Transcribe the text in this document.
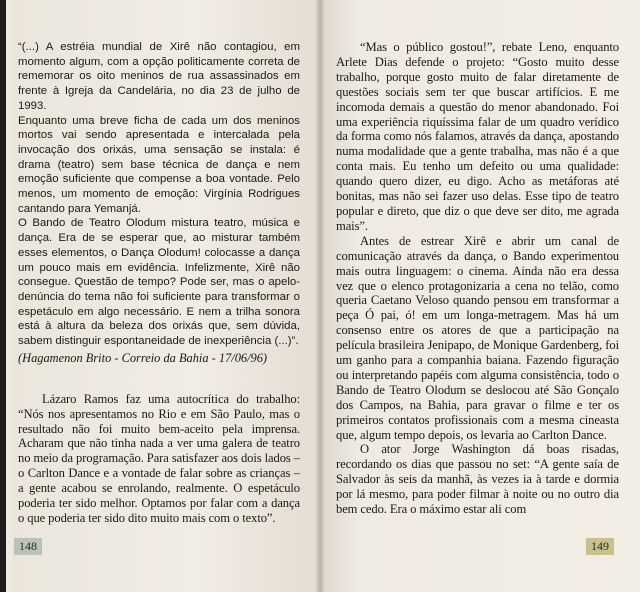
“(...) A estréia mundial de Xirê não contagiou, em momento algum, com a opção politicamente correta de rememorar os oito meninos de rua assassinados em frente à Igreja da Candelária, no dia 23 de julho de 1993.

Enquanto uma breve ficha de cada um dos meninos mortos vai sendo apresentada e intercalada pela invocação dos orixás, uma sensação se instala: é drama (teatro) sem base técnica de dança e nem emoção suficiente que compense a boa vontade. Pelo menos, um momento de emoção: Virgínia Rodrigues cantando para Yemanjá.

O Bando de Teatro Olodum mistura teatro, música e dança. Era de se esperar que, ao misturar também esses elementos, o Dança Olodum! colocasse a dança um pouco mais em evidência. Infelizmente, Xirê não consegue. Questão de tempo? Pode ser, mas o apelo-denúncia do tema não foi suficiente para transformar o espetáculo em algo necessário. E nem a trilha sonora está à altura da beleza dos orixás que, sem dúvida, sabem distinguir espontaneidade de inexperiência (...)”.

(Hagamenon Brito - Correio da Bahia - 17/06/96)

Lázaro Ramos faz uma autocrítica do trabalho: “Nós nos apresentamos no Rio e em São Paulo, mas o resultado não foi muito bem-aceito pela imprensa. Acharam que não tinha nada a ver uma galera de teatro no meio da programação. Para satisfazer aos dois lados – o Carlton Dance e a vontade de falar sobre as crianças – a gente acabou se enrolando, realmente. O espetáculo poderia ter sido melhor. Optamos por falar com a dança o que poderia ter sido dito muito mais com o texto”.

“Mas o público gostou!”, rebate Leno, enquanto Arlete Dias defende o projeto: “Gosto muito desse trabalho, porque gosto muito de falar diretamente de questões sociais sem ter que buscar artifícios. E me incomoda demais a questão do menor abandonado. Foi uma experiência riquíssima falar de um quadro verídico da forma como nós falamos, através da dança, apostando numa modalidade que a gente trabalha, mas não é a que conta mais. Eu tenho um defeito ou uma qualidade: quando quero dizer, eu digo. Acho as metáforas até bonitas, mas não sei fazer uso delas. Esse tipo de teatro popular e direto, que diz o que deve ser dito, me agrada mais”.

Antes de estrear Xirê e abrir um canal de comunicação através da dança, o Bando experimentou mais outra linguagem: o cinema. Ainda não era dessa vez que o elenco protagonizaria a cena no telão, como queria Caetano Veloso quando pensou em transformar a peça Ó pai, ó! em um longa-metragem. Mas há um consenso entre os atores de que a participação na película brasileira Jenipapo, de Monique Gardenberg, foi um ganho para a companhia baiana. Fazendo figuração ou interpretando papéis com alguma consistência, todo o Bando de Teatro Olodum se deslocou até São Gonçalo dos Campos, na Bahia, para gravar o filme e ter os primeiros contatos profissionais com a mesma cineasta que, algum tempo depois, os levaria ao Carlton Dance.

O ator Jorge Washington dá boas risadas, recordando os dias que passou no set: “A gente saía de Salvador às seis da manhã, às vezes ia à tarde e dormia por lá mesmo, para poder filmar à noite ou no outro dia bem cedo. Era o máximo estar ali com

148	149
